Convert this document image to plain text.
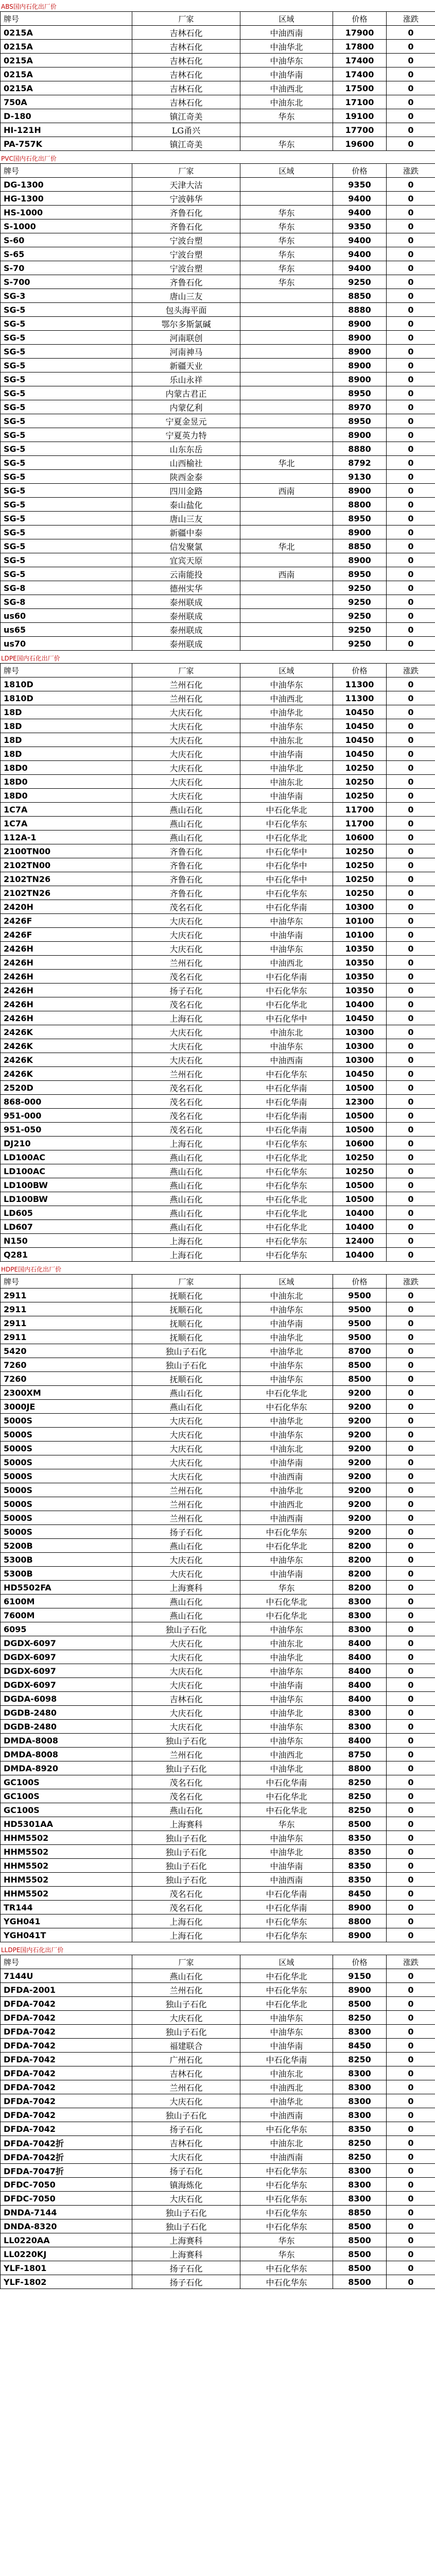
ABS国内石化出厂价
牌号	厂家	区域	价格	涨跌
0215A	吉林石化	中油西南	17900	0
0215A	吉林石化	中油华北	17800	0
0215A	吉林石化	中油华东	17400	0
0215A	吉林石化	中油华南	17400	0
0215A	吉林石化	中油西北	17500	0
750A	吉林石化	中油东北	17100	0
D-180	镇江奇美	华东	19100	0
HI-121H	LG甬兴		17700	0
PA-757K	镇江奇美	华东	19600	0
PVC国内石化出厂价
牌号	厂家	区域	价格	涨跌
DG-1300	天津大沽		9350	0
HG-1300	宁波韩华		9400	0
HS-1000	齐鲁石化	华东	9400	0
S-1000	齐鲁石化	华东	9350	0
S-60	宁波台塑	华东	9400	0
S-65	宁波台塑	华东	9400	0
S-70	宁波台塑	华东	9400	0
S-700	齐鲁石化	华东	9250	0
SG-3	唐山三友		8850	0
SG-5	包头海平面		8880	0
SG-5	鄂尔多斯氯碱		8900	0
SG-5	河南联创		8900	0
SG-5	河南神马		8900	0
SG-5	新疆天业		8900	0
SG-5	乐山永祥		8900	0
SG-5	内蒙古君正		8950	0
SG-5	内蒙亿利		8970	0
SG-5	宁夏金昱元		8950	0
SG-5	宁夏英力特		8900	0
SG-5	山东东岳		8880	0
SG-5	山西榆社	华北	8792	0
SG-5	陕西金泰		9130	0
SG-5	四川金路	西南	8900	0
SG-5	泰山盐化		8800	0
SG-5	唐山三友		8950	0
SG-5	新疆中泰		8900	0
SG-5	信发聚氯	华北	8850	0
SG-5	宜宾天原		8900	0
SG-5	云南能投	西南	8950	0
SG-8	德州实华		9250	0
SG-8	泰州联成		9250	0
us60	泰州联成		9250	0
us65	泰州联成		9250	0
us70	泰州联成		9250	0
LDPE国内石化出厂价
牌号	厂家	区域	价格	涨跌
1810D	兰州石化	中油华东	11300	0
1810D	兰州石化	中油西北	11300	0
18D	大庆石化	中油华北	10450	0
18D	大庆石化	中油华东	10450	0
18D	大庆石化	中油东北	10450	0
18D	大庆石化	中油华南	10450	0
18D0	大庆石化	中油华北	10250	0
18D0	大庆石化	中油东北	10250	0
18D0	大庆石化	中油华南	10250	0
1C7A	燕山石化	中石化华北	11700	0
1C7A	燕山石化	中石化华东	11700	0
112A-1	燕山石化	中石化华北	10600	0
2100TN00	齐鲁石化	中石化华中	10250	0
2102TN00	齐鲁石化	中石化华中	10250	0
2102TN26	齐鲁石化	中石化华中	10250	0
2102TN26	齐鲁石化	中石化华东	10250	0
2420H	茂名石化	中石化华南	10300	0
2426F	大庆石化	中油华东	10100	0
2426F	大庆石化	中油华南	10100	0
2426H	大庆石化	中油华东	10350	0
2426H	兰州石化	中油西北	10350	0
2426H	茂名石化	中石化华南	10350	0
2426H	扬子石化	中石化华东	10350	0
2426H	茂名石化	中石化华北	10400	0
2426H	上海石化	中石化华中	10450	0
2426K	大庆石化	中油东北	10300	0
2426K	大庆石化	中油华东	10300	0
2426K	大庆石化	中油西南	10300	0
2426K	兰州石化	中石化华东	10450	0
2520D	茂名石化	中石化华南	10500	0
868-000	茂名石化	中石化华南	12300	0
951-000	茂名石化	中石化华南	10500	0
951-050	茂名石化	中石化华南	10500	0
DJ210	上海石化	中石化华东	10600	0
LD100AC	燕山石化	中石化华北	10250	0
LD100AC	燕山石化	中石化华东	10250	0
LD100BW	燕山石化	中石化华东	10500	0
LD100BW	燕山石化	中石化华北	10500	0
LD605	燕山石化	中石化华北	10400	0
LD607	燕山石化	中石化华北	10400	0
N150	上海石化	中石化华东	12400	0
Q281	上海石化	中石化华东	10400	0
HDPE国内石化出厂价
牌号	厂家	区域	价格	涨跌
2911	抚顺石化	中油东北	9500	0
2911	抚顺石化	中油华东	9500	0
2911	抚顺石化	中油华南	9500	0
2911	抚顺石化	中油华北	9500	0
5420	独山子石化	中油华北	8700	0
7260	独山子石化	中油华东	8500	0
7260	抚顺石化	中油华东	8500	0
2300XM	燕山石化	中石化华北	9200	0
3000JE	燕山石化	中石化华东	9200	0
5000S	大庆石化	中油华北	9200	0
5000S	大庆石化	中油华东	9200	0
5000S	大庆石化	中油东北	9200	0
5000S	大庆石化	中油华南	9200	0
5000S	大庆石化	中油西南	9200	0
5000S	兰州石化	中油华北	9200	0
5000S	兰州石化	中油西北	9200	0
5000S	兰州石化	中油西南	9200	0
5000S	扬子石化	中石化华东	9200	0
5200B	燕山石化	中石化华北	8200	0
5300B	大庆石化	中油华东	8200	0
5300B	大庆石化	中油华南	8200	0
HD5502FA	上海赛科	华东	8200	0
6100M	燕山石化	中石化华北	8300	0
7600M	燕山石化	中石化华北	8300	0
6095	独山子石化	中油华东	8300	0
DGDX-6097	大庆石化	中油东北	8400	0
DGDX-6097	大庆石化	中油华北	8400	0
DGDX-6097	大庆石化	中油华东	8400	0
DGDX-6097	大庆石化	中油华南	8400	0
DGDA-6098	吉林石化	中油华东	8400	0
DGDB-2480	大庆石化	中油华北	8300	0
DGDB-2480	大庆石化	中油华东	8300	0
DMDA-8008	独山子石化	中油华东	8400	0
DMDA-8008	兰州石化	中油西北	8750	0
DMDA-8920	独山子石化	中油华北	8800	0
GC100S	茂名石化	中石化华南	8250	0
GC100S	茂名石化	中石化华北	8250	0
GC100S	燕山石化	中石化华北	8250	0
HD5301AA	上海赛科	华东	8500	0
HHM5502	独山子石化	中油华东	8350	0
HHM5502	独山子石化	中油华北	8350	0
HHM5502	独山子石化	中油华南	8350	0
HHM5502	独山子石化	中油西南	8350	0
HHM5502	茂名石化	中石化华南	8450	0
TR144	茂名石化	中石化华南	8900	0
YGH041	上海石化	中石化华东	8800	0
YGH041T	上海石化	中石化华东	8900	0
LLDPE国内石化出厂价
牌号	厂家	区域	价格	涨跌
7144U	燕山石化	中石化华北	9150	0
DFDA-2001	兰州石化	中石化华东	8900	0
DFDA-7042	独山子石化	中石化华北	8500	0
DFDA-7042	大庆石化	中油华东	8250	0
DFDA-7042	独山子石化	中油华东	8300	0
DFDA-7042	福建联合	中油华南	8450	0
DFDA-7042	广州石化	中石化华南	8250	0
DFDA-7042	吉林石化	中油东北	8300	0
DFDA-7042	兰州石化	中油西北	8300	0
DFDA-7042	大庆石化	中油华北	8300	0
DFDA-7042	独山子石化	中油西南	8300	0
DFDA-7042	扬子石化	中石化华东	8350	0
DFDA-7042折	吉林石化	中油东北	8250	0
DFDA-7042折	大庆石化	中油西南	8250	0
DFDA-7047折	扬子石化	中石化华东	8300	0
DFDC-7050	镇海炼化	中石化华东	8300	0
DFDC-7050	大庆石化	中石化华东	8300	0
DNDA-7144	独山子石化	中石化华东	8850	0
DNDA-8320	独山子石化	中石化华东	8500	0
LL0220AA	上海赛科	华东	8500	0
LL0220KJ	上海赛科	华东	8500	0
YLF-1801	扬子石化	中石化华东	8500	0
YLF-1802	扬子石化	中石化华东	8500	0
